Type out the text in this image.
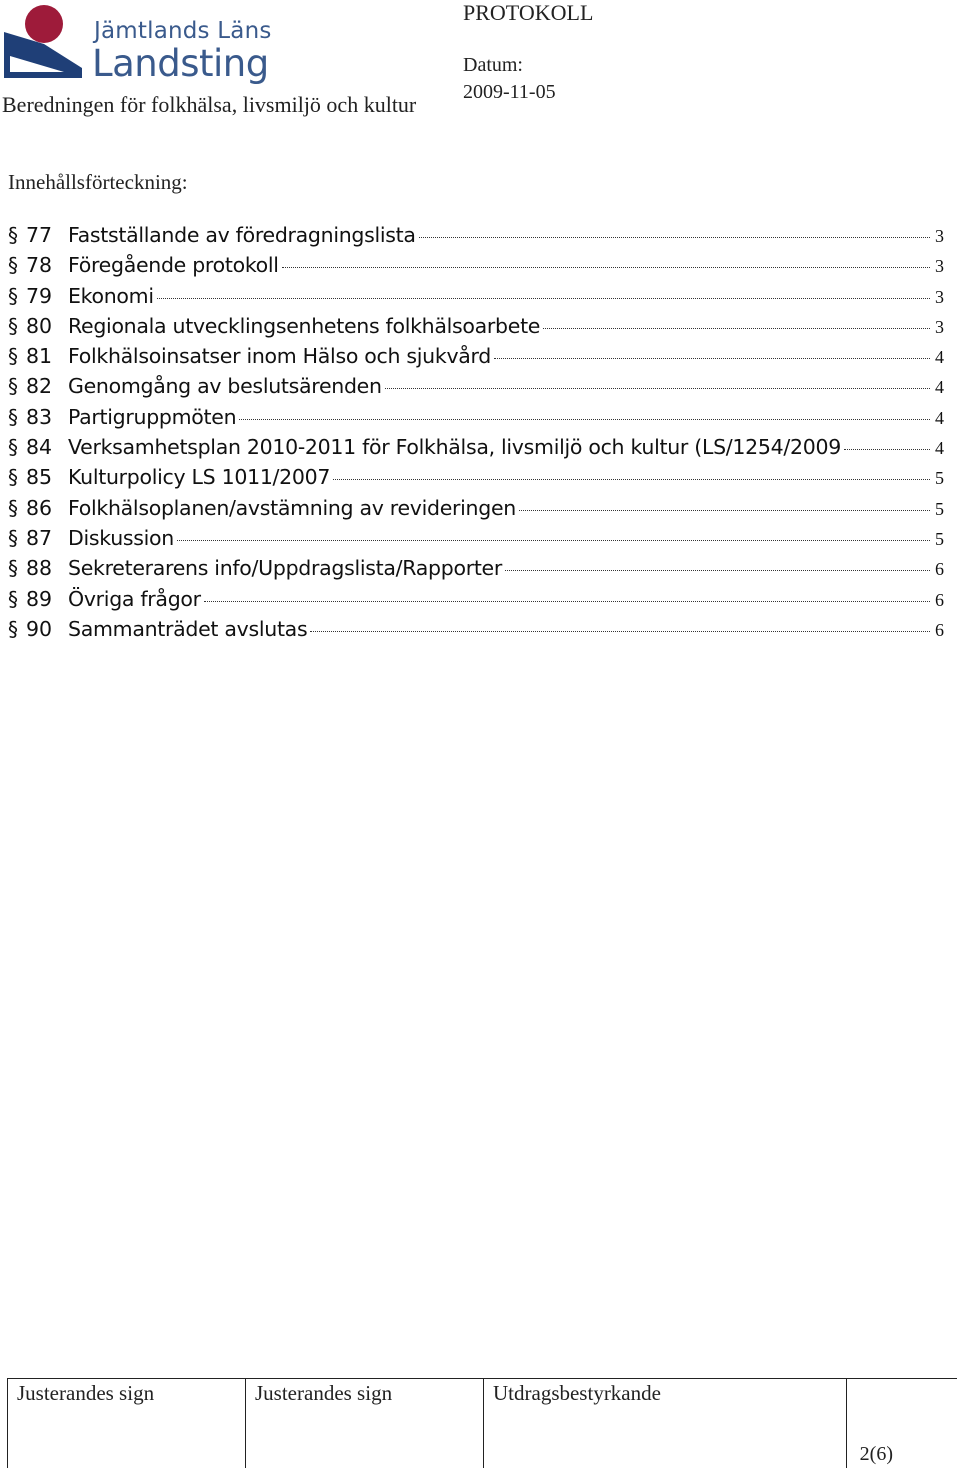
Jämtlands Läns
Landsting
Beredningen för folkhälsa, livsmiljö och kultur
PROTOKOLL
Datum:
2009-11-05
Innehållsförteckning:
§ 77 Fastställande av föredragningslista	3
§ 78 Föregående protokoll	3
§ 79 Ekonomi	3
§ 80 Regionala utvecklingsenhetens folkhälsoarbete	3
§ 81 Folkhälsoinsatser inom Hälso och sjukvård	4
§ 82 Genomgång av beslutsärenden	4
§ 83 Partigruppmöten	4
§ 84 Verksamhetsplan 2010-2011 för Folkhälsa, livsmiljö och kultur (LS/1254/2009	4
§ 85 Kulturpolicy LS 1011/2007	5
§ 86 Folkhälsoplanen/avstämning av revideringen	5
§ 87 Diskussion	5
§ 88 Sekreterarens info/Uppdragslista/Rapporter	6
§ 89 Övriga frågor	6
§ 90 Sammanträdet avslutas	6
Justerandes sign	Justerandes sign	Utdragsbestyrkande
2(6)
